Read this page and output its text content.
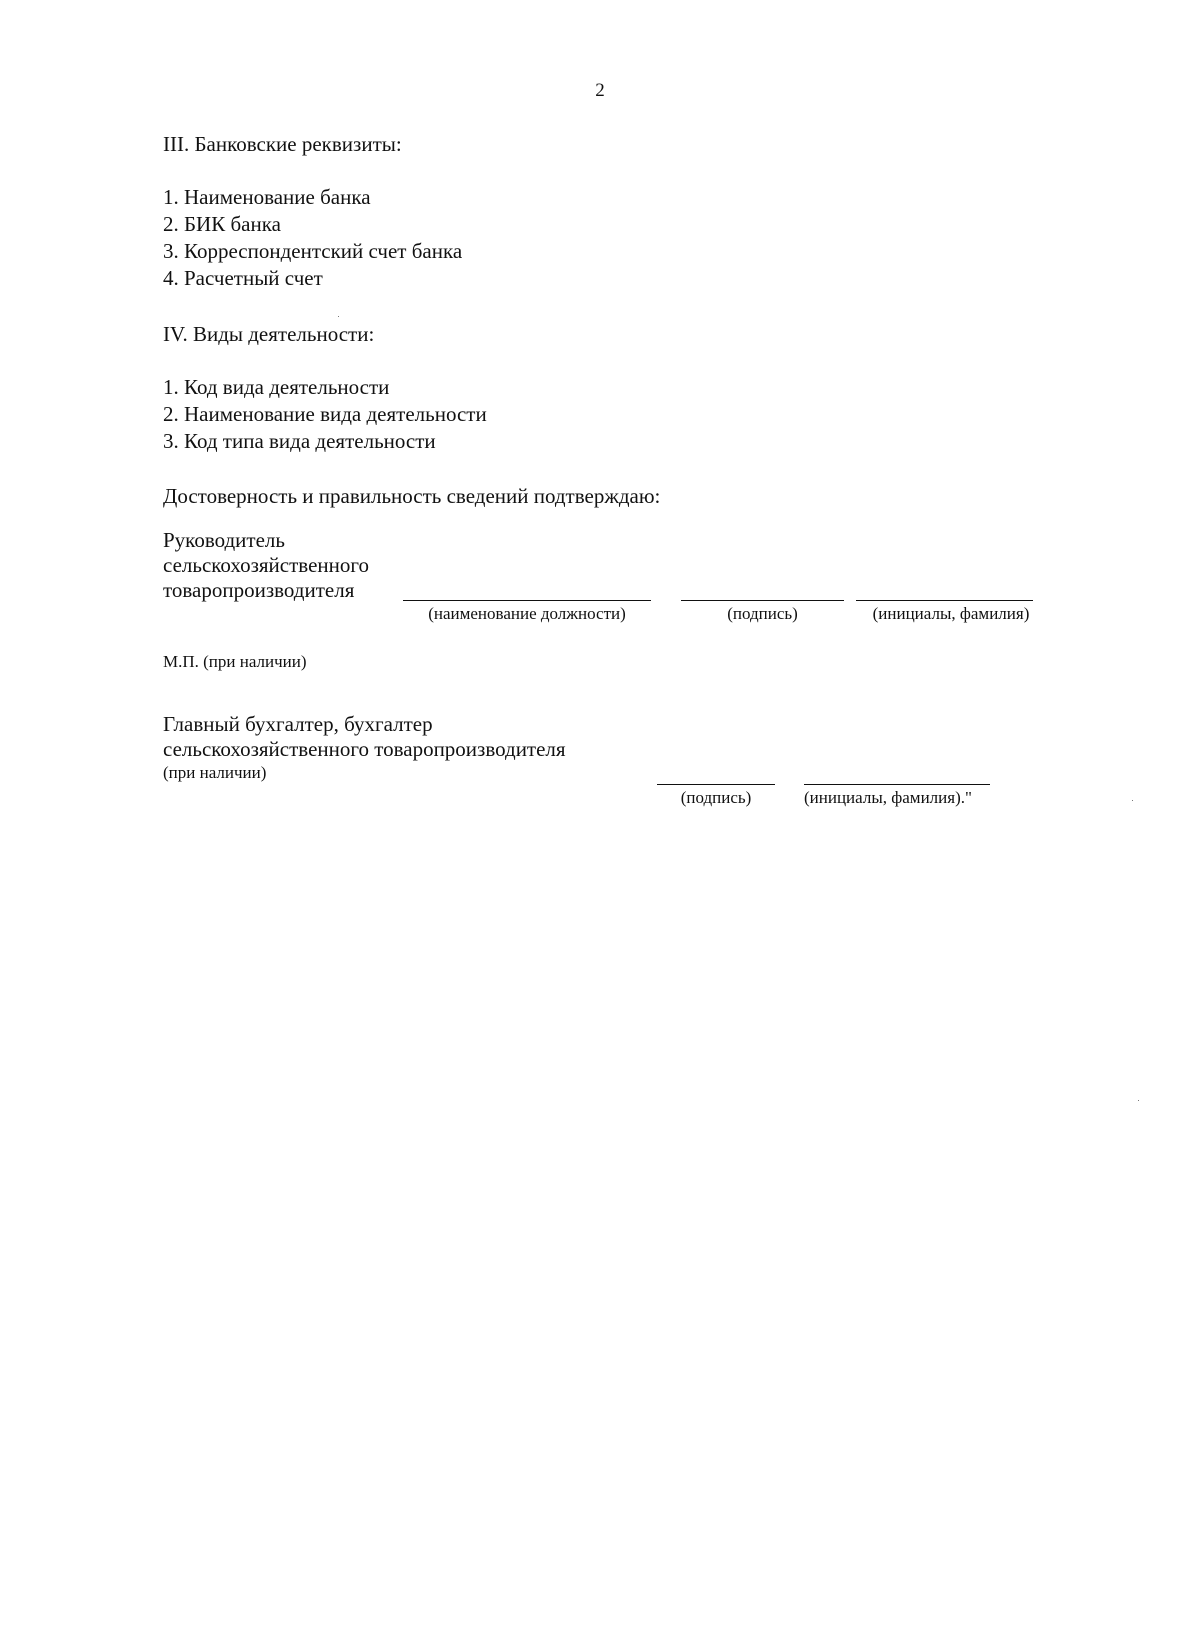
2
III. Банковские реквизиты:
1. Наименование банка
2. БИК банка
3. Корреспондентский счет банка
4. Расчетный счет
IV. Виды деятельности:
1. Код вида деятельности
2. Наименование вида деятельности
3. Код типа вида деятельности
Достоверность и правильность сведений подтверждаю:
Руководитель
сельскохозяйственного
товаропроизводителя
(наименование должности)	(подпись)	(инициалы, фамилия)
М.П. (при наличии)
Главный бухгалтер, бухгалтер
сельскохозяйственного товаропроизводителя
(при наличии)
(подпись)	(инициалы, фамилия)."
